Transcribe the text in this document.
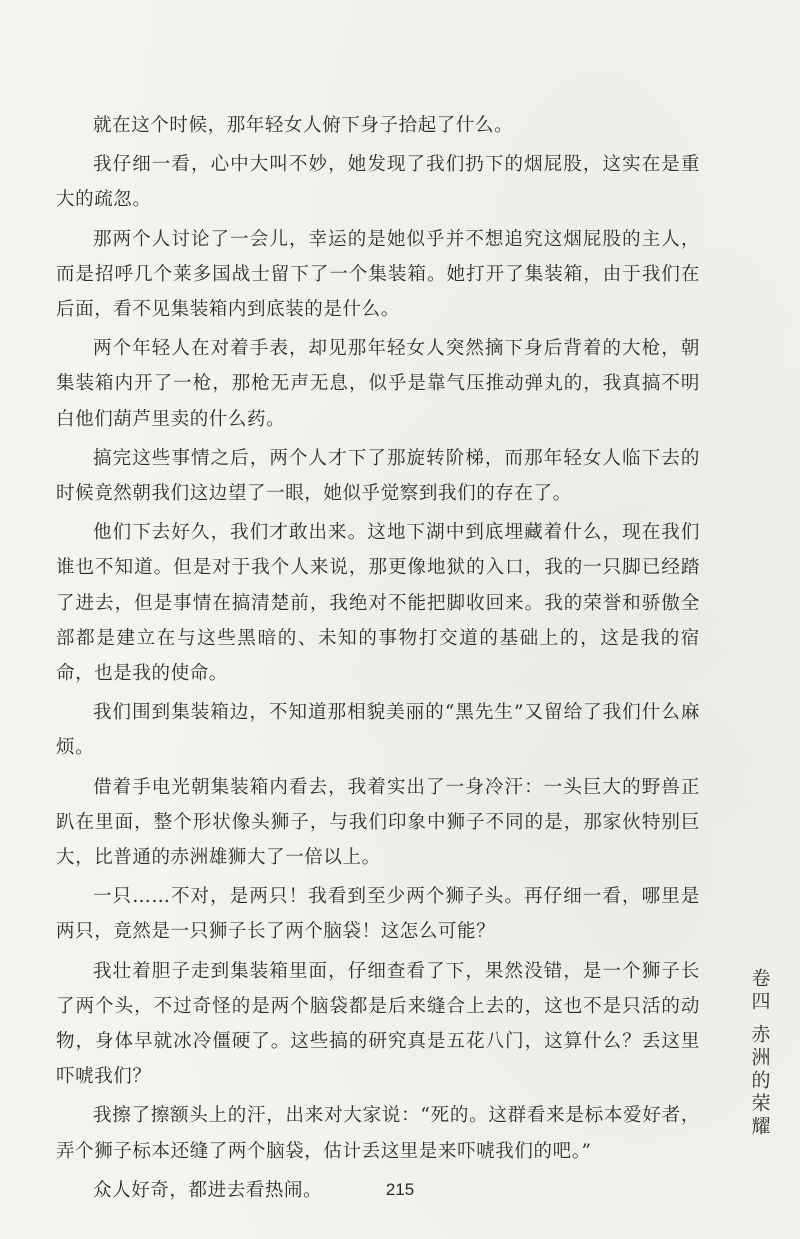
就在这个时候，那年轻女人俯下身子拾起了什么。

我仔细一看，心中大叫不妙，她发现了我们扔下的烟屁股，这实在是重大的疏忽。

那两个人讨论了一会儿，幸运的是她似乎并不想追究这烟屁股的主人，而是招呼几个莱多国战士留下了一个集装箱。她打开了集装箱，由于我们在后面，看不见集装箱内到底装的是什么。

两个年轻人在对着手表，却见那年轻女人突然摘下身后背着的大枪，朝集装箱内开了一枪，那枪无声无息，似乎是靠气压推动弹丸的，我真搞不明白他们葫芦里卖的什么药。

搞完这些事情之后，两个人才下了那旋转阶梯，而那年轻女人临下去的时候竟然朝我们这边望了一眼，她似乎觉察到我们的存在了。

他们下去好久，我们才敢出来。这地下湖中到底埋藏着什么，现在我们谁也不知道。但是对于我个人来说，那更像地狱的入口，我的一只脚已经踏了进去，但是事情在搞清楚前，我绝对不能把脚收回来。我的荣誉和骄傲全部都是建立在与这些黑暗的、未知的事物打交道的基础上的，这是我的宿命，也是我的使命。

我们围到集装箱边，不知道那相貌美丽的“黑先生”又留给了我们什么麻烦。

借着手电光朝集装箱内看去，我着实出了一身冷汗：一头巨大的野兽正趴在里面，整个形状像头狮子，与我们印象中狮子不同的是，那家伙特别巨大，比普通的赤洲雄狮大了一倍以上。

一只……不对，是两只！我看到至少两个狮子头。再仔细一看，哪里是两只，竟然是一只狮子长了两个脑袋！这怎么可能？

我壮着胆子走到集装箱里面，仔细查看了下，果然没错，是一个狮子长了两个头，不过奇怪的是两个脑袋都是后来缝合上去的，这也不是只活的动物，身体早就冰冷僵硬了。这些搞的研究真是五花八门，这算什么？丢这里吓唬我们？

我擦了擦额头上的汗，出来对大家说：“死的。这群看来是标本爱好者，弄个狮子标本还缝了两个脑袋，估计丢这里是来吓唬我们的吧。”

众人好奇，都进去看热闹。

卷四
赤洲的荣耀
215
